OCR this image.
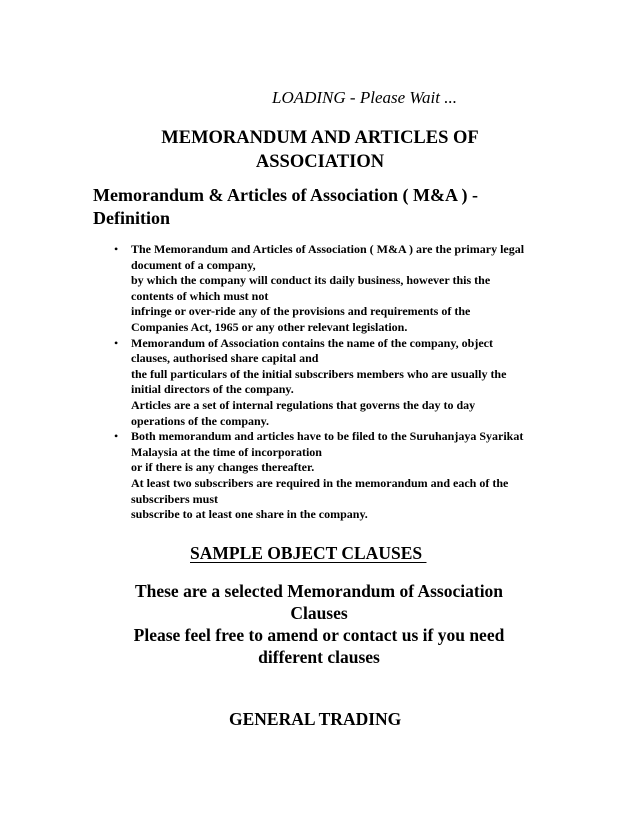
LOADING - Please Wait ...
MEMORANDUM AND ARTICLES OF
ASSOCIATION
Memorandum & Articles of Association ( M&A ) -
Definition
• The Memorandum and Articles of Association ( M&A ) are the primary legal
document of a company,
by which the company will conduct its daily business, however this the
contents of which must not
infringe or over-ride any of the provisions and requirements of the
Companies Act, 1965 or any other relevant legislation.
• Memorandum of Association contains the name of the company, object
clauses, authorised share capital and
the full particulars of the initial subscribers members who are usually the
initial directors of the company.
Articles are a set of internal regulations that governs the day to day
operations of the company.
• Both memorandum and articles have to be filed to the Suruhanjaya Syarikat
Malaysia at the time of incorporation
or if there is any changes thereafter.
At least two subscribers are required in the memorandum and each of the
subscribers must
subscribe to at least one share in the company.
SAMPLE OBJECT CLAUSES
These are a selected Memorandum of Association
Clauses
Please feel free to amend or contact us if you need
different clauses
GENERAL TRADING
